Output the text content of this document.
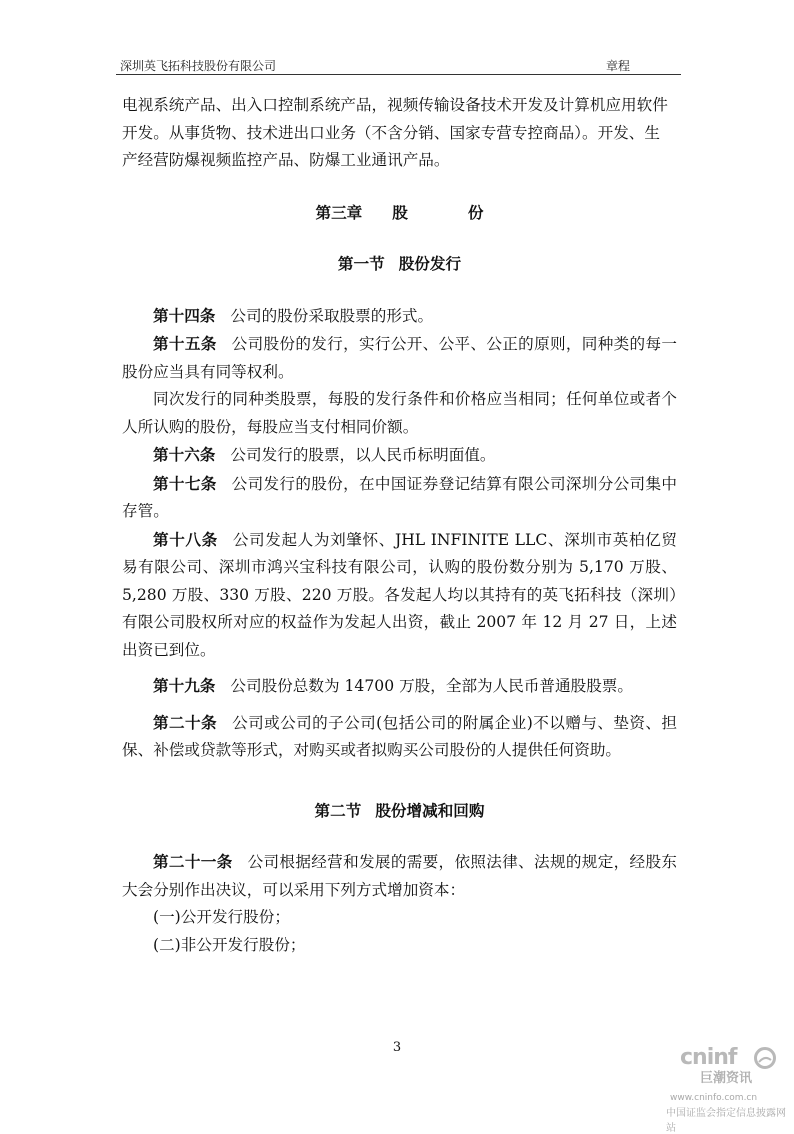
深圳英飞拓科技股份有限公司	章程

电视系统产品、出入口控制系统产品，视频传输设备技术开发及计算机应用软件

开发。从事货物、技术进出口业务（不含分销、国家专营专控商品）。开发、生

产经营防爆视频监控产品、防爆工业通讯产品。

第三章 股	份

第一节 股份发行

第十四条 公司的股份采取股票的形式。

第十五条 公司股份的发行，实行公开、公平、公正的原则，同种类的每一股份应当具有同等权利。

同次发行的同种类股票，每股的发行条件和价格应当相同；任何单位或者个人所认购的股份，每股应当支付相同价额。

第十六条 公司发行的股票，以人民币标明面值。

第十七条 公司发行的股份，在中国证券登记结算有限公司深圳分公司集中存管。

第十八条 公司发起人为刘肇怀、JHL INFINITE LLC、深圳市英柏亿贸易有限公司、深圳市鸿兴宝科技有限公司，认购的股份数分别为 5,170 万股、5,280 万股、330 万股、220 万股。各发起人均以其持有的英飞拓科技（深圳）有限公司股权所对应的权益作为发起人出资，截止 2007 年 12 月 27 日，上述出资已到位。

第十九条 公司股份总数为 14700 万股，全部为人民币普通股股票。

第二十条 公司或公司的子公司(包括公司的附属企业)不以赠与、垫资、担保、补偿或贷款等形式，对购买或者拟购买公司股份的人提供任何资助。

第二节 股份增减和回购

第二十一条 公司根据经营和发展的需要，依照法律、法规的规定，经股东大会分别作出决议，可以采用下列方式增加资本：

(一)公开发行股份；

(二)非公开发行股份；

3	cninf
巨潮资讯
www.cninfo.com.cn
中国证监会指定信息披露网站
